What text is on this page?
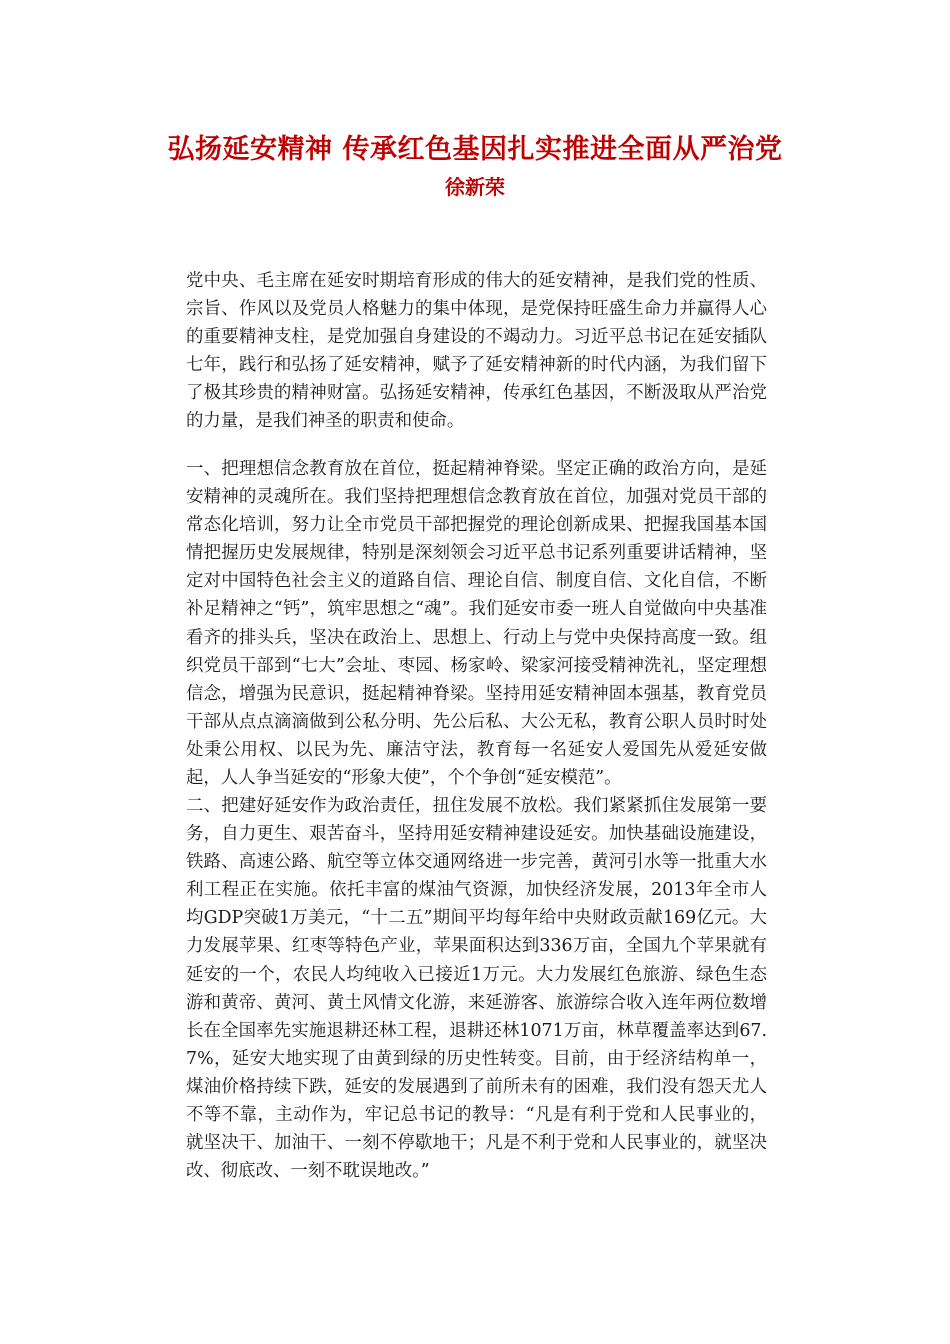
弘扬延安精神 传承红色基因扎实推进全面从严治党
徐新荣

党中央、毛主席在延安时期培育形成的伟大的延安精神，是我们党的性质、宗旨、作风以及党员人格魅力的集中体现，是党保持旺盛生命力并赢得人心的重要精神支柱，是党加强自身建设的不竭动力。习近平总书记在延安插队七年，践行和弘扬了延安精神，赋予了延安精神新的时代内涵，为我们留下了极其珍贵的精神财富。弘扬延安精神，传承红色基因，不断汲取从严治党的力量，是我们神圣的职责和使命。

一、把理想信念教育放在首位，挺起精神脊梁。坚定正确的政治方向，是延安精神的灵魂所在。我们坚持把理想信念教育放在首位，加强对党员干部的常态化培训，努力让全市党员干部把握党的理论创新成果、把握我国基本国情把握历史发展规律，特别是深刻领会习近平总书记系列重要讲话精神，坚定对中国特色社会主义的道路自信、理论自信、制度自信、文化自信，不断补足精神之“钙”，筑牢思想之“魂”。我们延安市委一班人自觉做向中央基准看齐的排头兵，坚决在政治上、思想上、行动上与党中央保持高度一致。组织党员干部到“七大”会址、枣园、杨家岭、梁家河接受精神洗礼，坚定理想信念，增强为民意识，挺起精神脊梁。坚持用延安精神固本强基，教育党员干部从点点滴滴做到公私分明、先公后私、大公无私，教育公职人员时时处处秉公用权、以民为先、廉洁守法，教育每一名延安人爱国先从爱延安做起，人人争当延安的“形象大使”，个个争创“延安模范”。

二、把建好延安作为政治责任，扭住发展不放松。我们紧紧抓住发展第一要务，自力更生、艰苦奋斗，坚持用延安精神建设延安。加快基础设施建设，铁路、高速公路、航空等立体交通网络进一步完善，黄河引水等一批重大水利工程正在实施。依托丰富的煤油气资源，加快经济发展，2013年全市人均GDP突破1万美元，“十二五”期间平均每年给中央财政贡献169亿元。大力发展苹果、红枣等特色产业，苹果面积达到336万亩，全国九个苹果就有延安的一个，农民人均纯收入已接近1万元。大力发展红色旅游、绿色生态游和黄帝、黄河、黄土风情文化游，来延游客、旅游综合收入连年两位数增长在全国率先实施退耕还林工程，退耕还林1071万亩，林草覆盖率达到67.7%，延安大地实现了由黄到绿的历史性转变。目前，由于经济结构单一，煤油价格持续下跌，延安的发展遇到了前所未有的困难，我们没有怨天尤人不等不靠，主动作为，牢记总书记的教导：“凡是有利于党和人民事业的，就坚决干、加油干、一刻不停歇地干；凡是不利于党和人民事业的，就坚决改、彻底改、一刻不耽误地改。”
